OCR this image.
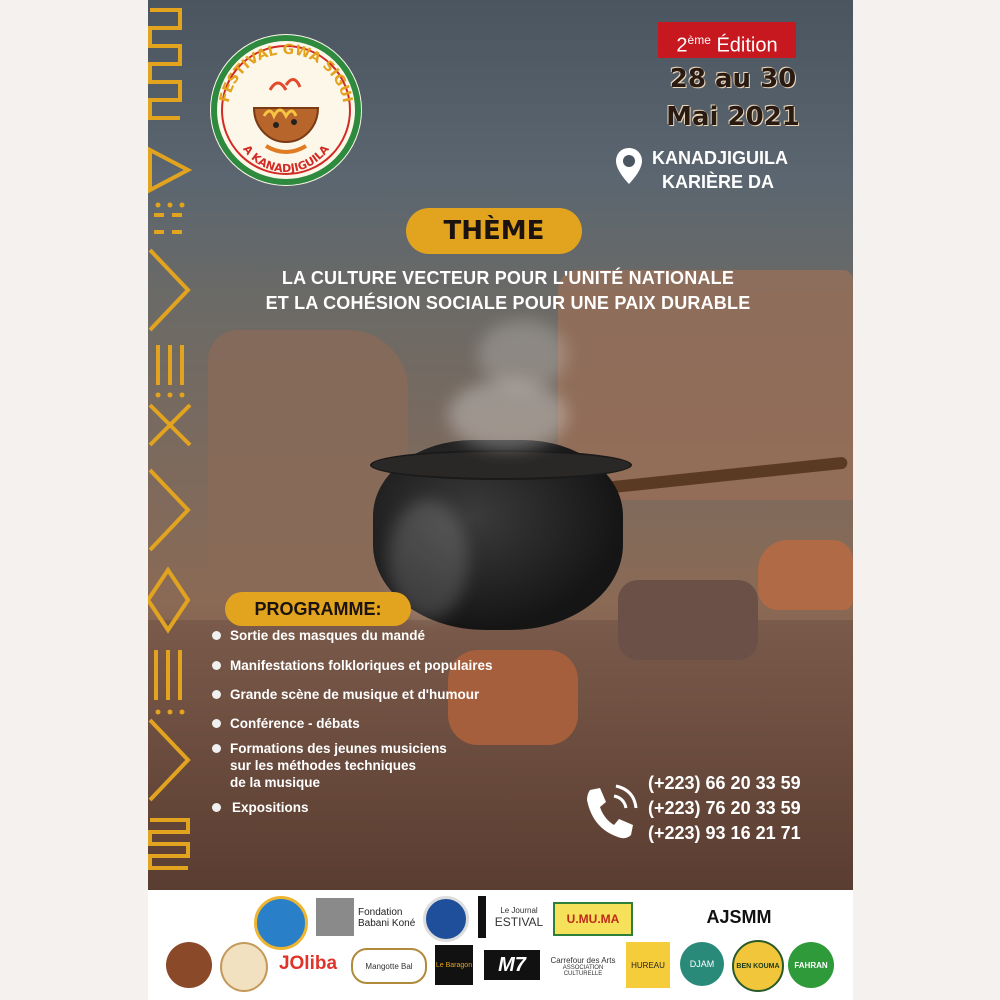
FESTIVAL GWA SIGUI
A KANADJIGUILA
2ème Édition
28 au 30
Mai 2021
KANADJIGUILA
KARIÈRE DA
THÈME
LA CULTURE VECTEUR POUR L'UNITÉ NATIONALE
ET LA COHÉSION SOCIALE POUR UNE PAIX DURABLE
PROGRAMME:
Sortie des masques du mandé
Manifestations folkloriques et populaires
Grande scène de musique et d'humour
Conférence - débats
Formations des jeunes musiciens
sur les méthodes techniques
de la musique
Expositions
(+223) 66 20 33 59
(+223) 76 20 33 59
(+223) 93 16 21 71
Fondation
Babani Koné
Le Journal
ESTIVAL	U.MU.MA	SOLEIL	AJSMM
JOliba	Mangotte Bal	Le Baragon	M7	Carrefour des Arts
ASSOCIATION CULTURELLE
HUREAU	DJAM	BEN KOUMA	FAHRAN
